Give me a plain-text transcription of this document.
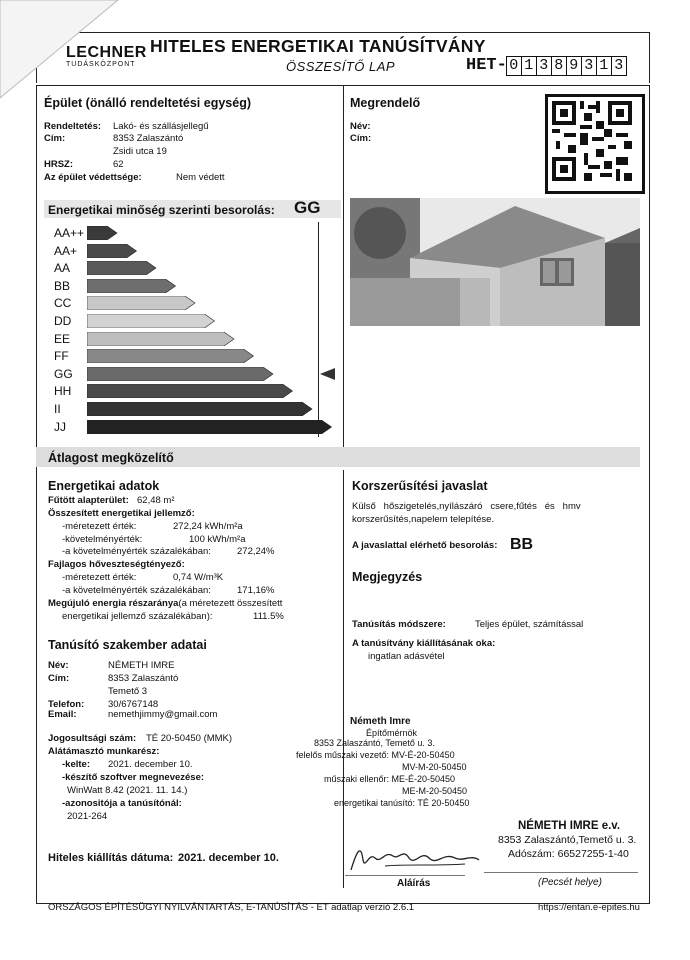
LECHNER
TUDÁSKÖZPONT
HITELES ENERGETIKAI TANÚSÍTVÁNY
ÖSSZESÍTŐ LAP	HET- 0 1 3 8 9 3 1 3
Épület (önálló rendeltetési egység)
Rendeltetés: Lakó- és szállásjellegű
Cím:	8353 Zalaszántó
Zsidi utca 19
HRSZ:	62
Az épület védettsége:	Nem védett
Megrendelő
Név:
Cím:
Energetikai minőség szerinti besorolás: GG
AA++
AA+
AA
BB
CC
DD
EE
FF
GG
HH
II
JJ
Átlagost megközelítő
Energetikai adatok
Fűtött alapterület: 62,48 m²
Összesített energetikai jellemző:
-méretezett érték:	272,24 kWh/m²a
-követelményérték:	100 kWh/m²a
-a követelményérték százalékában:	272,24%
Fajlagos hőveszteségtényező:
-méretezett érték:	0,74 W/m³K
-a követelményérték százalékában:	171,16%
Megújuló energia részaránya(a méretezett összesített
energetikai jellemző százalékában):	111.5%
Korszerűsítési javaslat
Külső   hőszigetelés,nyílászáró   csere,fűtés   és   hmv
korszerűsítés,napelem telepítése.
A javaslattal elérhető besorolás: BB
Megjegyzés
Tanúsítás módszere:	Teljes épület, számítással
A tanúsítvány kiállításának oka:
ingatlan adásvétel
Tanúsító szakember adatai
Név:	NÉMETH IMRE
Cím:	8353 Zalaszántó
Temető 3
Telefon:	30/6767148
Email:	nemethjimmy@gmail.com
Jogosultsági szám: TÉ 20-50450 (MMK)
Alátámasztó munkarész:
-kelte: 2021. december 10.
-készítő szoftver megnevezése:
WinWatt 8.42 (2021. 11. 14.)
-azonositója a tanúsítónál:
2021-264
Németh Imre
Építőmérnök
8353 Zalaszántó, Temető u. 3.
felelős műszaki vezető: MV-É-20-50450
MV-M-20-50450
műszaki ellenőr: ME-É-20-50450
ME-M-20-50450
energetikai tanúsító: TÉ 20-50450
NÉMETH IMRE e.v.
8353 Zalaszántó,Temető u. 3.
Adószám: 66527255-1-40
(Pecsét helye)
Hiteles kiállítás dátuma: 2021. december 10.
Aláírás
ORSZÁGOS ÉPÍTÉSÜGYI NYILVÁNTARTÁS, E-TANÚSÍTÁS - ET adatlap verzió 2.6.1	https://entan.e-epites.hu
